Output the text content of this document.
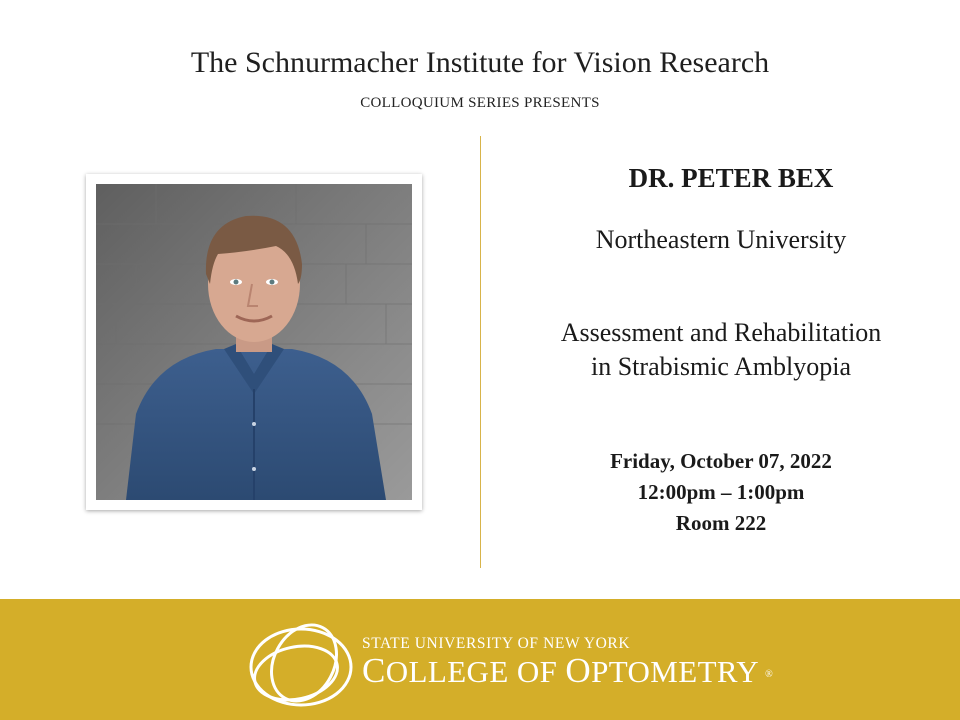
The Schnurmacher Institute for Vision Research
COLLOQUIUM SERIES PRESENTS
DR. PETER BEX
Northeastern University
Assessment and Rehabilitation
in Strabismic Amblyopia
Friday, October 07, 2022
12:00pm – 1:00pm
Room 222
STATE UNIVERSITY OF NEW YORK
COLLEGE OF OPTOMETRY ®
